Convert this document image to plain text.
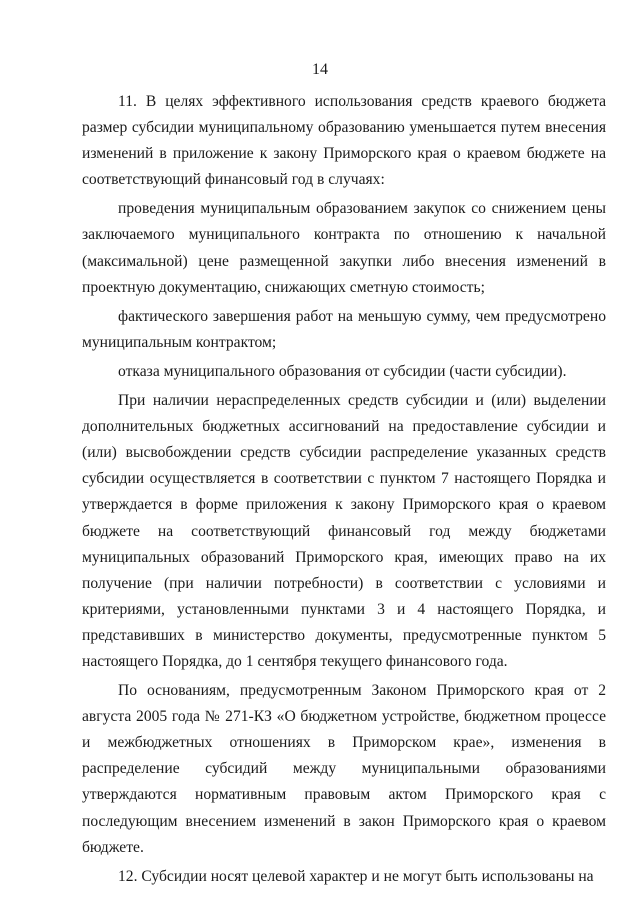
14

11. В целях эффективного использования средств краевого бюджета размер субсидии муниципальному образованию уменьшается путем внесения изменений в приложение к закону Приморского края о краевом бюджете на соответствующий финансовый год в случаях:

проведения муниципальным образованием закупок со снижением цены заключаемого муниципального контракта по отношению к начальной (максимальной) цене размещенной закупки либо внесения изменений в проектную документацию, снижающих сметную стоимость;

фактического завершения работ на меньшую сумму, чем предусмотрено муниципальным контрактом;

отказа муниципального образования от субсидии (части субсидии).

При наличии нераспределенных средств субсидии и (или) выделении дополнительных бюджетных ассигнований на предоставление субсидии и (или) высвобождении средств субсидии распределение указанных средств субсидии осуществляется в соответствии с пунктом 7 настоящего Порядка и утверждается в форме приложения к закону Приморского края о краевом бюджете на соответствующий финансовый год между бюджетами муниципальных образований Приморского края, имеющих право на их получение (при наличии потребности) в соответствии с условиями и критериями, установленными пунктами 3 и 4 настоящего Порядка, и представивших в министерство документы, предусмотренные пунктом 5 настоящего Порядка, до 1 сентября текущего финансового года.

По основаниям, предусмотренным Законом Приморского края от 2 августа 2005 года № 271-КЗ «О бюджетном устройстве, бюджетном процессе и межбюджетных отношениях в Приморском крае», изменения в распределение субсидий между муниципальными образованиями утверждаются нормативным правовым актом Приморского края с последующим внесением изменений в закон Приморского края о краевом бюджете.

12. Субсидии носят целевой характер и не могут быть использованы на
